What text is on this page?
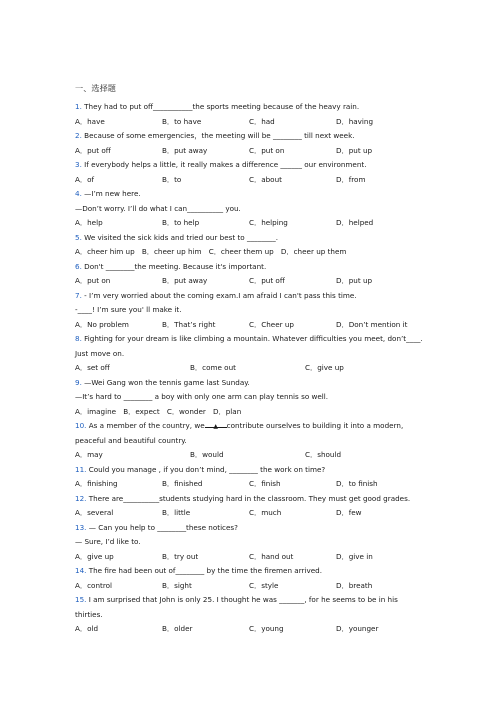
一、选择题
1. They had to put off___________the sports meeting because of the heavy rain.
A．have	B．to have	C．had	D．having
2. Because of some emergencies，the meeting will be ________ till next week.
A．put off	B．put away	C．put on	D．put up
3. If everybody helps a little, it really makes a difference ______ our environment.
A．of	B．to	C．about	D．from
4. —I’m new here.
—Don’t worry. I’ll do what I can__________ you.
A．help	B．to help	C．helping	D．helped
5. We visited the sick kids and tried our best to ________.
A．cheer him up　B．cheer up him　C．cheer them up　D．cheer up them
6. Don't ________the meeting. Because it's important.
A．put on	B．put away	C．put off	D．put up
7. - I’m very worried about the coming exam.I am afraid I can't pass this time.
-____! I’m sure you' ll make it.
A．No problem	B．That’s right	C．Cheer up	D．Don’t mention it
8. Fighting for your dream is like climbing a mountain. Whatever difficulties you meet, don’t____.
Just move on.
A．set off	B．come out	C．give up
9. —Wei Gang won the tennis game last Sunday.
—It’s hard to ________ a boy with only one arm can play tennis so well.
A．imagine　B．expect　C．wonder　D．plan
10. As a member of the country, we ▲ contribute ourselves to building it into a modern,
peaceful and beautiful country.
A．may	B．would	C．should
11. Could you manage , if you don’t mind, ________ the work on time?
A．finishing	B．finished	C．finish	D．to finish
12. There are__________students studying hard in the classroom. They must get good grades.
A．several	B．little	C．much	D．few
13. — Can you help to ________these notices?
— Sure, I’d like to.
A．give up	B．try out	C．hand out	D．give in
14. The fire had been out of________ by the time the firemen arrived.
A．control	B．sight	C．style	D．breath
15. I am surprised that John is only 25. I thought he was _______, for he seems to be in his
thirties.
A．old	B．older	C．young	D．younger
